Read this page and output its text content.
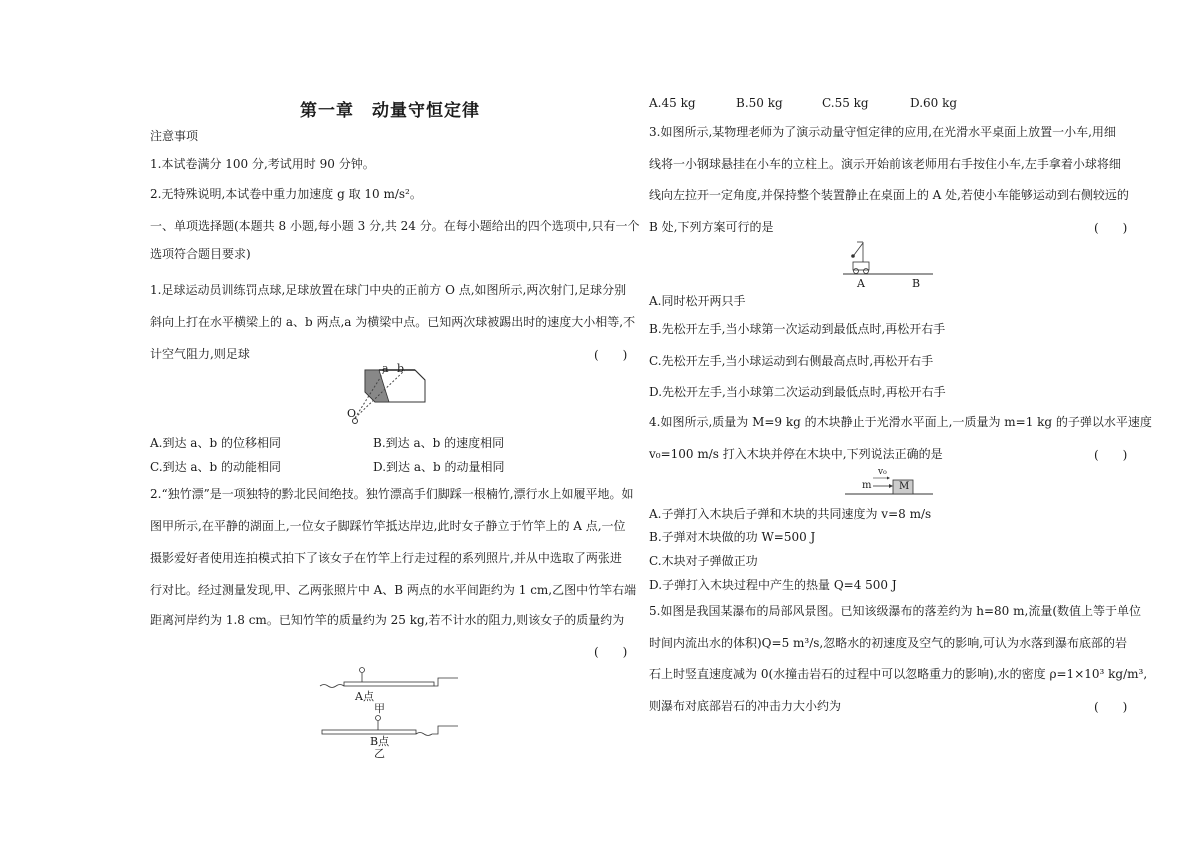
第一章　动量守恒定律
注意事项
1.本试卷满分 100 分,考试用时 90 分钟。
2.无特殊说明,本试卷中重力加速度 g 取 10 m/s²。
一、单项选择题(本题共 8 小题,每小题 3 分,共 24 分。在每小题给出的四个选项中,只有一个
选项符合题目要求)
1.足球运动员训练罚点球,足球放置在球门中央的正前方 O 点,如图所示,两次射门,足球分别
斜向上打在水平横梁上的 a、b 两点,a 为横梁中点。已知两次球被踢出时的速度大小相等,不
计空气阻力,则足球	(　　)
O
a b
A.到达 a、b 的位移相同	B.到达 a、b 的速度相同
C.到达 a、b 的动能相同	D.到达 a、b 的动量相同
2.“独竹漂”是一项独特的黔北民间绝技。独竹漂高手们脚踩一根楠竹,漂行水上如履平地。如
图甲所示,在平静的湖面上,一位女子脚踩竹竿抵达岸边,此时女子静立于竹竿上的 A 点,一位
摄影爱好者使用连拍模式拍下了该女子在竹竿上行走过程的系列照片,并从中选取了两张进
行对比。经过测量发现,甲、乙两张照片中 A、B 两点的水平间距约为 1 cm,乙图中竹竿右端
距离河岸约为 1.8 cm。已知竹竿的质量约为 25 kg,若不计水的阻力,则该女子的质量约为
(　　)
A点
甲
B点
乙
A.45 kg	B.50 kg	C.55 kg	D.60 kg
3.如图所示,某物理老师为了演示动量守恒定律的应用,在光滑水平桌面上放置一小车,用细
线将一小钢球悬挂在小车的立柱上。演示开始前该老师用右手按住小车,左手拿着小球将细
线向左拉开一定角度,并保持整个装置静止在桌面上的 A 处,若使小车能够运动到右侧较远的
B 处,下列方案可行的是	(　　)
A	B
A.同时松开两只手
B.先松开左手,当小球第一次运动到最低点时,再松开右手
C.先松开左手,当小球运动到右侧最高点时,再松开右手
D.先松开左手,当小球第二次运动到最低点时,再松开右手
4.如图所示,质量为 M=9 kg 的木块静止于光滑水平面上,一质量为 m=1 kg 的子弹以水平速度
v₀=100 m/s 打入木块并停在木块中,下列说法正确的是	(　　)
v₀
m	M
A.子弹打入木块后子弹和木块的共同速度为 v=8 m/s
B.子弹对木块做的功 W=500 J
C.木块对子弹做正功
D.子弹打入木块过程中产生的热量 Q=4 500 J
5.如图是我国某瀑布的局部风景图。已知该级瀑布的落差约为 h=80 m,流量(数值上等于单位
时间内流出水的体积)Q=5 m³/s,忽略水的初速度及空气的影响,可认为水落到瀑布底部的岩
石上时竖直速度减为 0(水撞击岩石的过程中可以忽略重力的影响),水的密度 ρ=1×10³ kg/m³,
则瀑布对底部岩石的冲击力大小约为	(　　)
